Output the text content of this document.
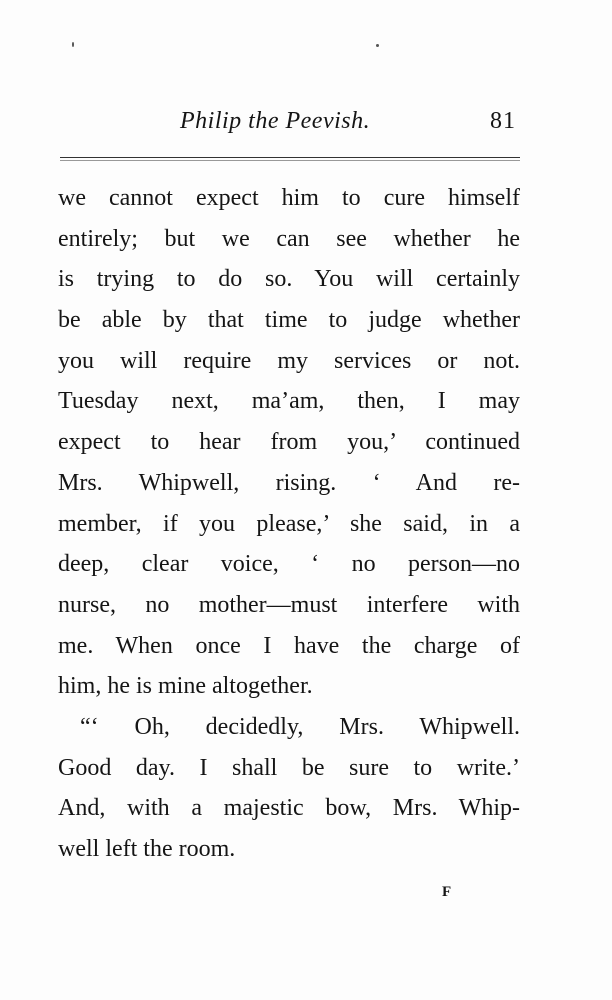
Philip the Peevish.	81
we cannot expect him to cure himself
entirely; but we can see whether he
is trying to do so. You will certainly
be able by that time to judge whether
you will require my services or not.
Tuesday next, ma’am, then, I may
expect to hear from you,’ continued
Mrs. Whipwell, rising. ‘ And re-
member, if you please,’ she said, in a
deep, clear voice, ‘ no person—no
nurse, no mother—must interfere with
me. When once I have the charge of
him, he is mine altogether.
“‘ Oh, decidedly, Mrs. Whipwell.
Good day. I shall be sure to write.’
And, with a majestic bow, Mrs. Whip-
well left the room.
F
